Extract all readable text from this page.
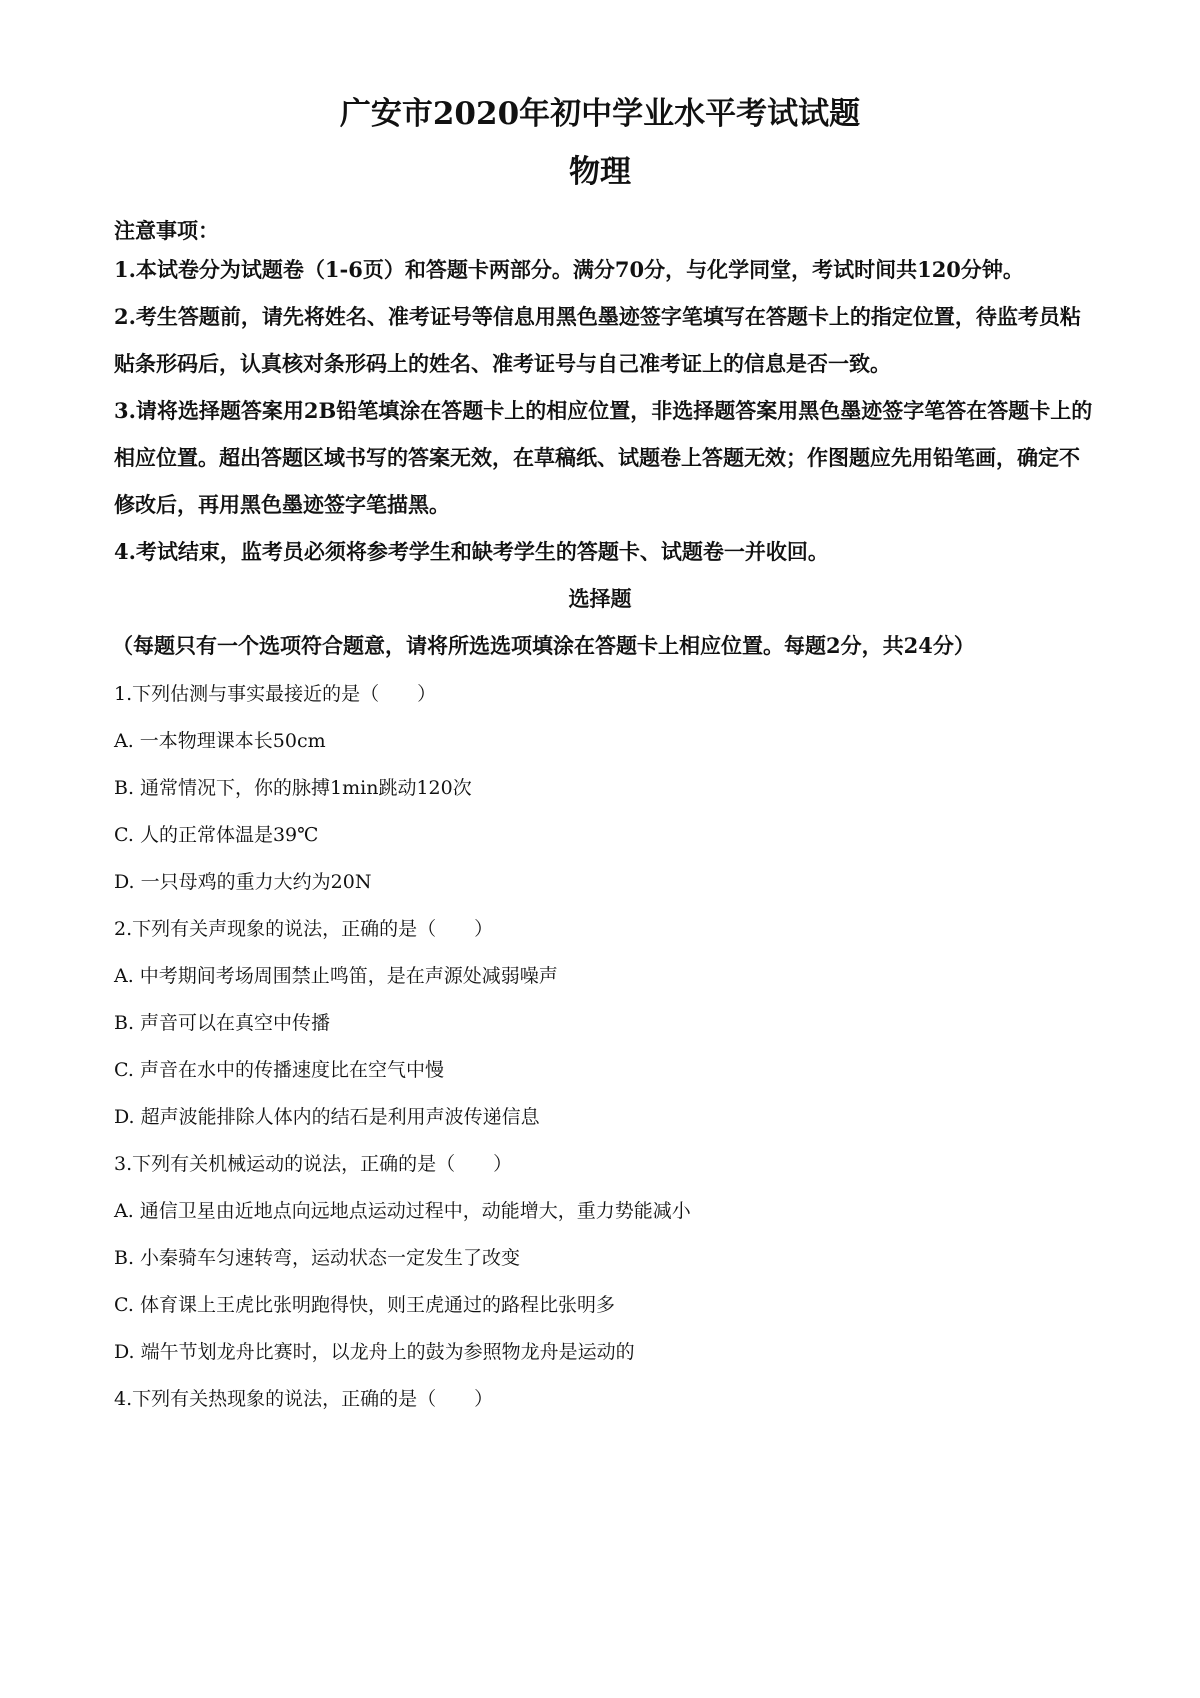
广安市2020年初中学业水平考试试题
物理
注意事项：

1.本试卷分为试题卷（1-6页）和答题卡两部分。满分70分，与化学同堂，考试时间共120分钟。

2.考生答题前，请先将姓名、准考证号等信息用黑色墨迹签字笔填写在答题卡上的指定位置，待监考员粘贴条形码后，认真核对条形码上的姓名、准考证号与自己准考证上的信息是否一致。

3.请将选择题答案用2B铅笔填涂在答题卡上的相应位置，非选择题答案用黑色墨迹签字笔答在答题卡上的相应位置。超出答题区域书写的答案无效，在草稿纸、试题卷上答题无效；作图题应先用铅笔画，确定不修改后，再用黑色墨迹签字笔描黑。

4.考试结束，监考员必须将参考学生和缺考学生的答题卡、试题卷一并收回。

选择题
（每题只有一个选项符合题意，请将所选选项填涂在答题卡上相应位置。每题2分，共24分）

1.下列估测与事实最接近的是（　　）

A. 一本物理课本长50cm

B. 通常情况下，你的脉搏1min跳动120次

C. 人的正常体温是39℃

D. 一只母鸡的重力大约为20N

2.下列有关声现象的说法，正确的是（　　）

A. 中考期间考场周围禁止鸣笛，是在声源处减弱噪声

B. 声音可以在真空中传播

C. 声音在水中的传播速度比在空气中慢

D. 超声波能排除人体内的结石是利用声波传递信息

3.下列有关机械运动的说法，正确的是（　　）

A. 通信卫星由近地点向远地点运动过程中，动能增大，重力势能减小

B. 小秦骑车匀速转弯，运动状态一定发生了改变

C. 体育课上王虎比张明跑得快，则王虎通过的路程比张明多

D. 端午节划龙舟比赛时，以龙舟上的鼓为参照物龙舟是运动的

4.下列有关热现象的说法，正确的是（　　）
